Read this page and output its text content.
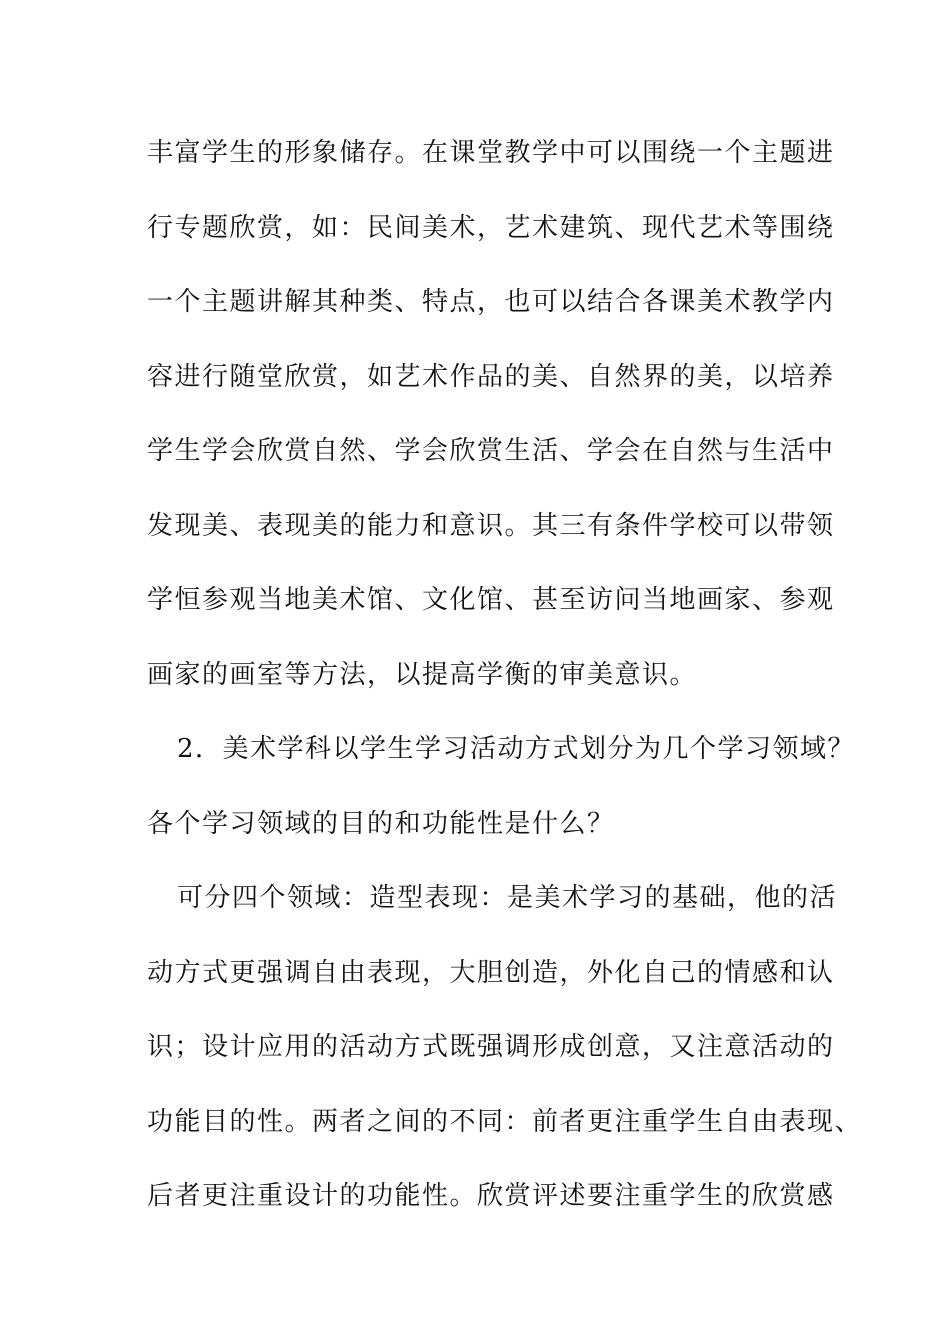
丰富学生的形象储存。在课堂教学中可以围绕一个主题进
行专题欣赏，如：民间美术，艺术建筑、现代艺术等围绕
一个主题讲解其种类、特点，也可以结合各课美术教学内
容进行随堂欣赏，如艺术作品的美、自然界的美，以培养
学生学会欣赏自然、学会欣赏生活、学会在自然与生活中
发现美、表现美的能力和意识。其三有条件学校可以带领
学恒参观当地美术馆、文化馆、甚至访问当地画家、参观
画家的画室等方法，以提高学衡的审美意识。
2．美术学科以学生学习活动方式划分为几个学习领域？
各个学习领域的目的和功能性是什么？
可分四个领域：造型表现：是美术学习的基础，他的活
动方式更强调自由表现，大胆创造，外化自己的情感和认
识；设计应用的活动方式既强调形成创意，又注意活动的
功能目的性。两者之间的不同：前者更注重学生自由表现、
后者更注重设计的功能性。欣赏评述要注重学生的欣赏感
